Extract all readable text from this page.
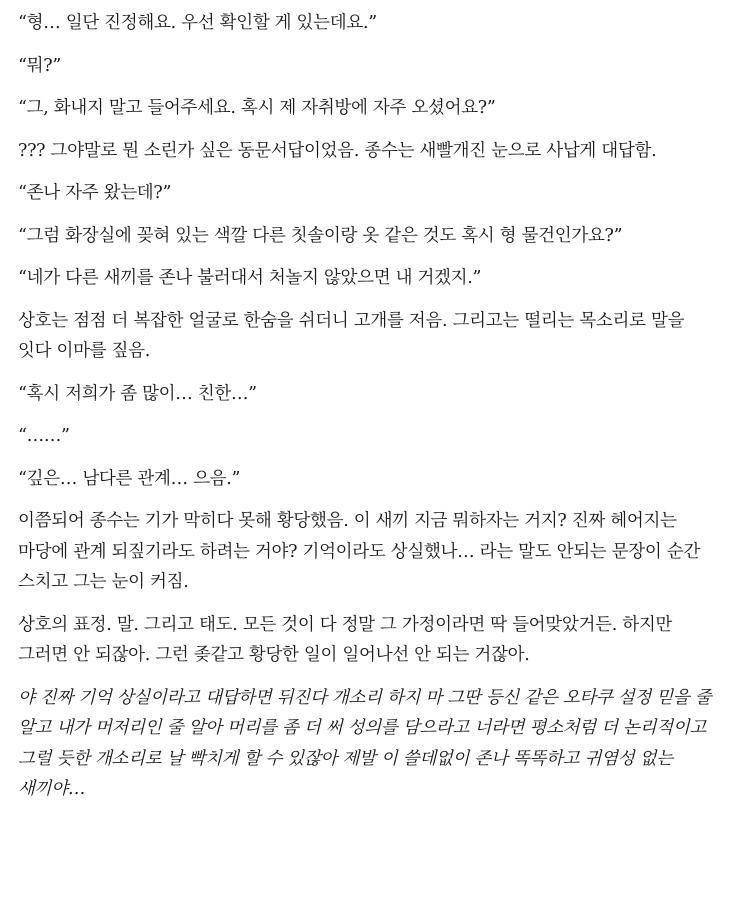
“형… 일단 진정해요. 우선 확인할 게 있는데요.”

“뭐?”

“그, 화내지 말고 들어주세요. 혹시 제 자취방에 자주 오셨어요?”

??? 그야말로 뭔 소린가 싶은 동문서답이었음. 종수는 새빨개진 눈으로 사납게 대답함.

“존나 자주 왔는데?”

“그럼 화장실에 꽂혀 있는 색깔 다른 칫솔이랑 옷 같은 것도 혹시 형 물건인가요?”

“네가 다른 새끼를 존나 불러대서 처놀지 않았으면 내 거겠지.”

상호는 점점 더 복잡한 얼굴로 한숨을 쉬더니 고개를 저음. 그리고는 떨리는 목소리로 말을 잇다 이마를 짚음.

“혹시 저희가 좀 많이… 친한…”

“……”

“깊은… 남다른 관계… 으음.”

이쯤되어 종수는 기가 막히다 못해 황당했음. 이 새끼 지금 뭐하자는 거지? 진짜 헤어지는 마당에 관계 되짚기라도 하려는 거야? 기억이라도 상실했나… 라는 말도 안되는 문장이 순간 스치고 그는 눈이 커짐.

상호의 표정. 말. 그리고 태도. 모든 것이 다 정말 그 가정이라면 딱 들어맞았거든. 하지만 그러면 안 되잖아. 그런 좆같고 황당한 일이 일어나선 안 되는 거잖아.

야 진짜 기억 상실이라고 대답하면 뒤진다 개소리 하지 마 그딴 등신 같은 오타쿠 설정 믿을 줄 알고 내가 머저리인 줄 알아 머리를 좀 더 써 성의를 담으라고 너라면 평소처럼 더 논리적이고 그럴 듯한 개소리로 날 빡치게 할 수 있잖아 제발 이 쓸데없이 존나 똑똑하고 귀염성 없는 새끼야…
